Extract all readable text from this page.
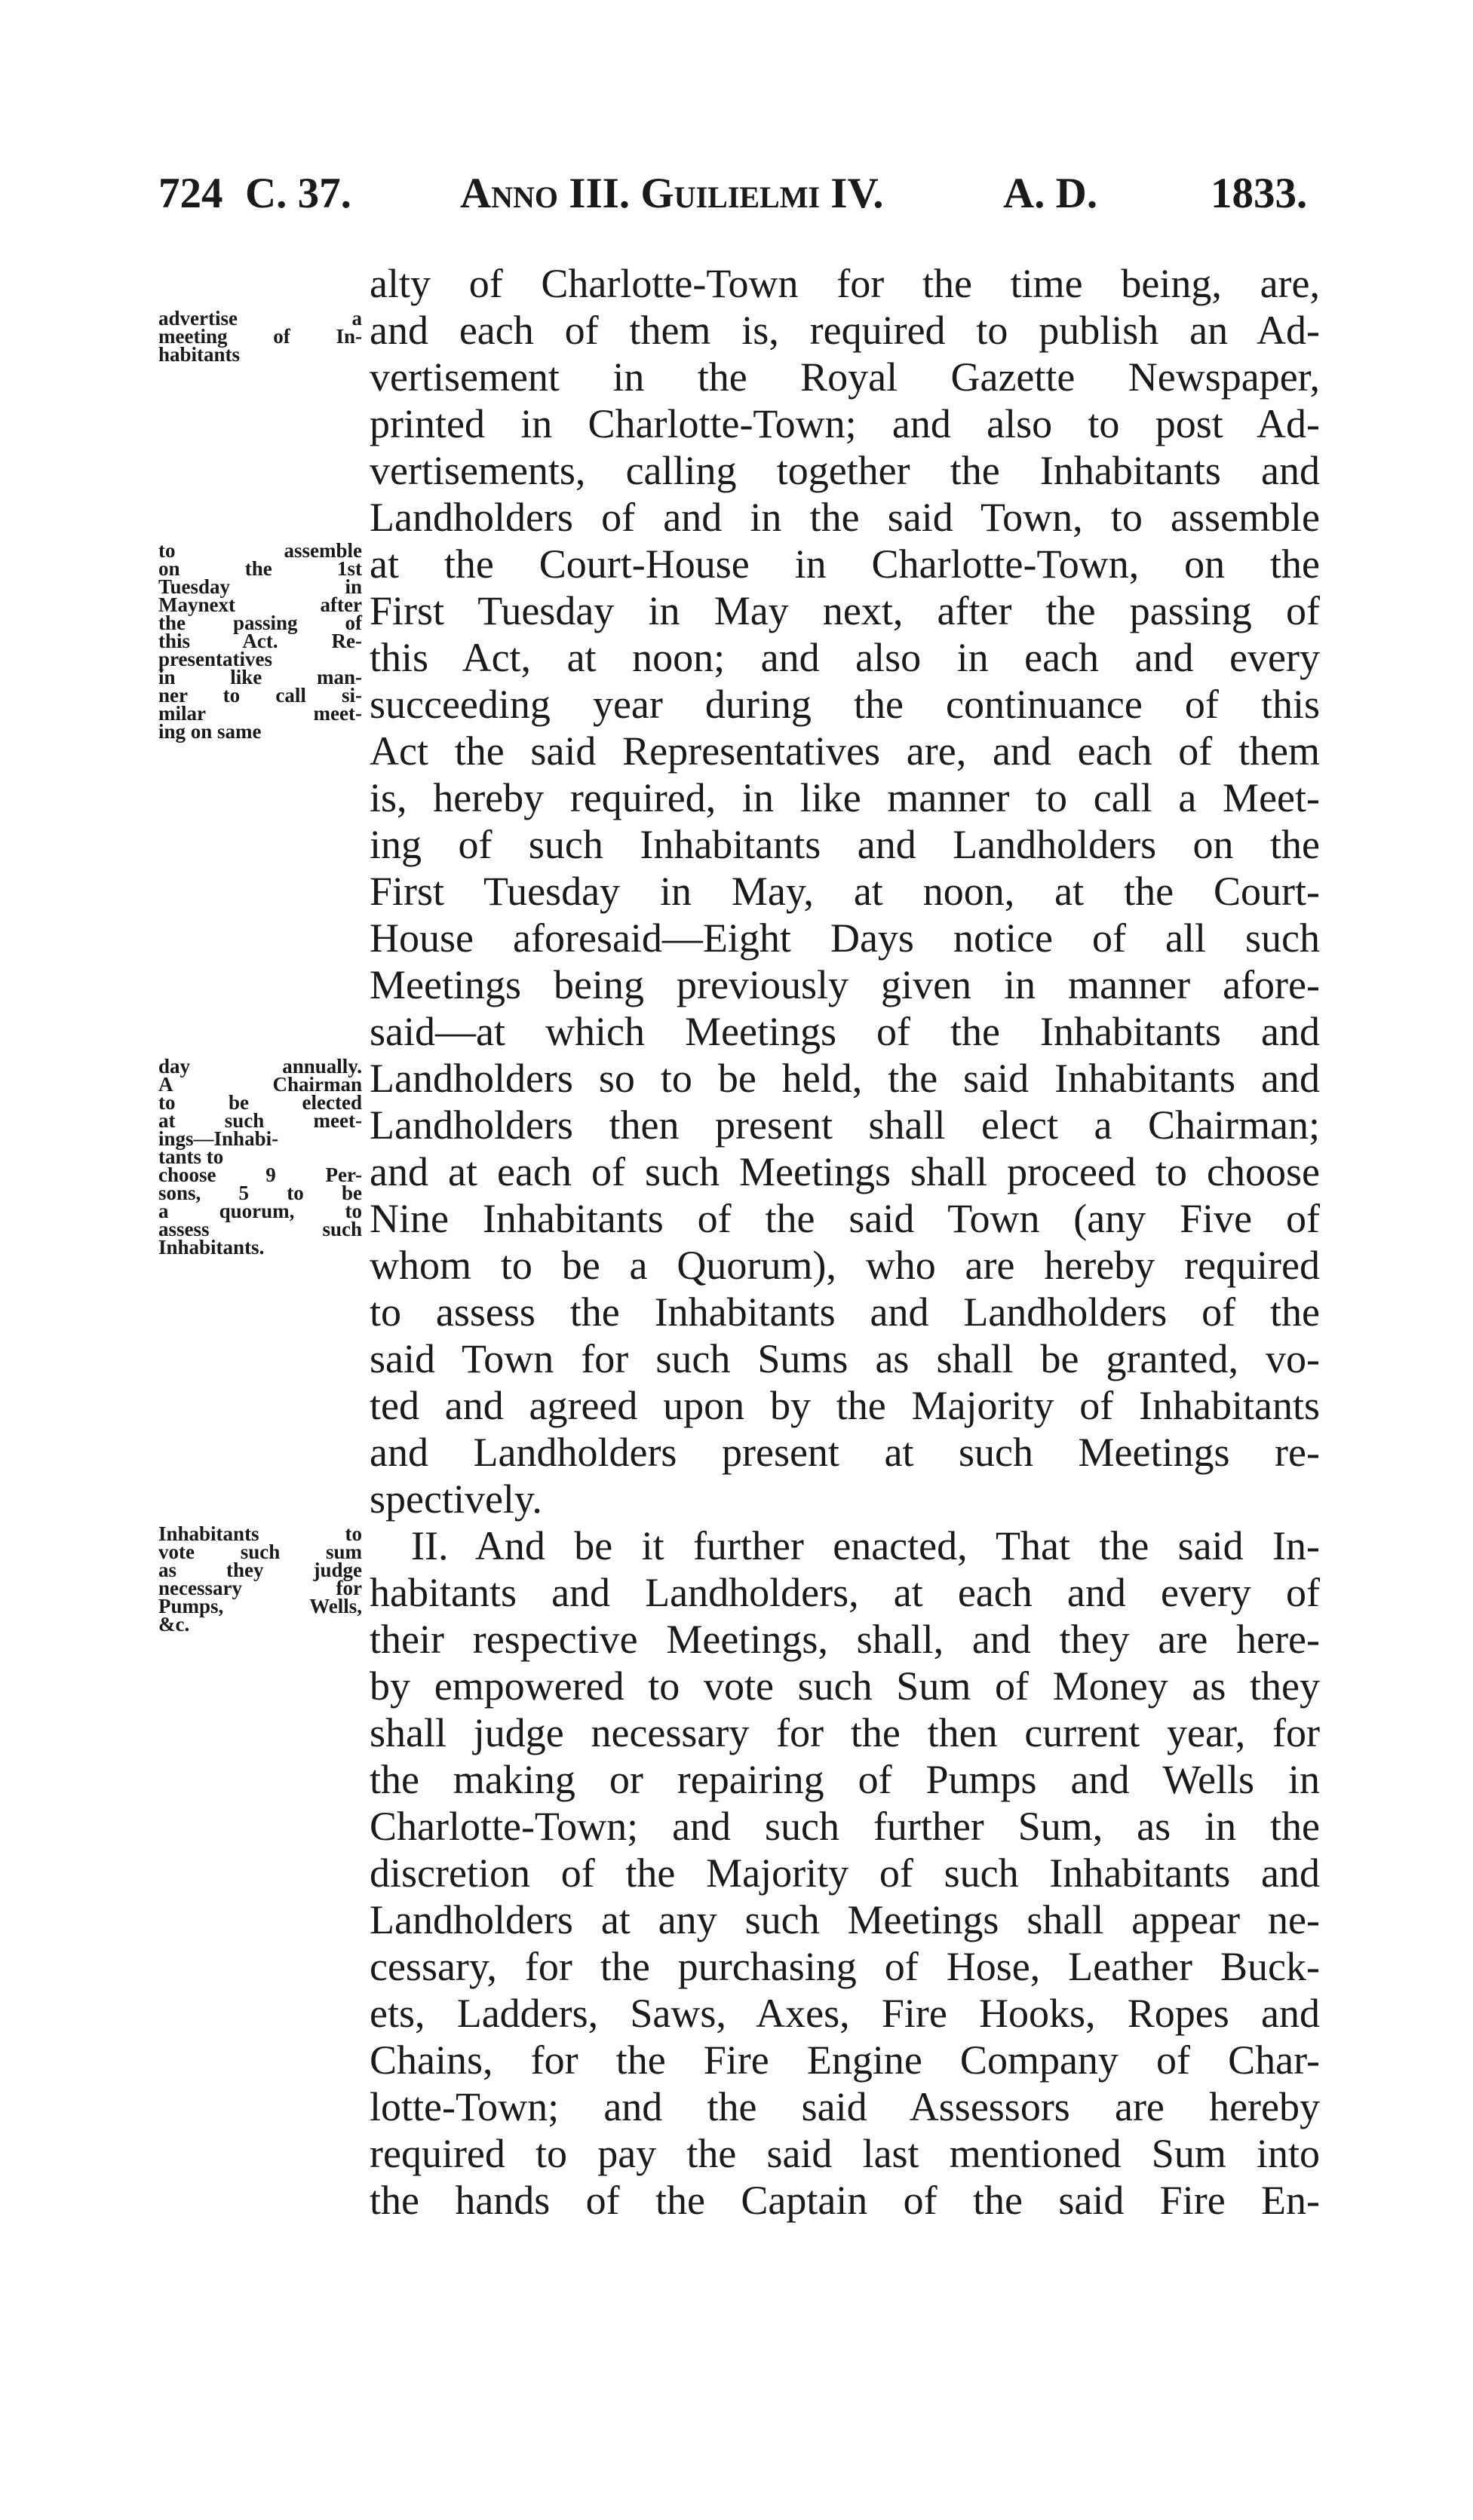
724 C. 37.	Anno III. Guilielmi IV.	A. D.	1833.
advertise a
meeting of In-
habitants
to assemble
on the 1st
Tuesday in
Maynext after
the passing of
this Act. Re-
presentatives
in like man-
ner to call si-
milar meet-
ing on same
day annually.
A Chairman
to be elected
at such meet-
ings—Inhabi-
tants to
choose 9 Per-
sons, 5 to be
a quorum, to
assess such
Inhabitants.
Inhabitants to
vote such sum
as they judge
necessary for
Pumps, Wells,
&c.
alty of Charlotte-Town for the time being, are,
and each of them is, required to publish an Ad-
vertisement in the Royal Gazette Newspaper,
printed in Charlotte-Town; and also to post Ad-
vertisements, calling together the Inhabitants and
Landholders of and in the said Town, to assemble
at the Court-House in Charlotte-Town, on the
First Tuesday in May next, after the passing of
this Act, at noon; and also in each and every
succeeding year during the continuance of this
Act the said Representatives are, and each of them
is, hereby required, in like manner to call a Meet-
ing of such Inhabitants and Landholders on the
First Tuesday in May, at noon, at the Court-
House aforesaid—Eight Days notice of all such
Meetings being previously given in manner afore-
said—at which Meetings of the Inhabitants and
Landholders so to be held, the said Inhabitants and
Landholders then present shall elect a Chairman;
and at each of such Meetings shall proceed to choose
Nine Inhabitants of the said Town (any Five of
whom to be a Quorum), who are hereby required
to assess the Inhabitants and Landholders of the
said Town for such Sums as shall be granted, vo-
ted and agreed upon by the Majority of Inhabitants
and Landholders present at such Meetings re-
spectively.
II. And be it further enacted, That the said In-
habitants and Landholders, at each and every of
their respective Meetings, shall, and they are here-
by empowered to vote such Sum of Money as they
shall judge necessary for the then current year, for
the making or repairing of Pumps and Wells in
Charlotte-Town; and such further Sum, as in the
discretion of the Majority of such Inhabitants and
Landholders at any such Meetings shall appear ne-
cessary, for the purchasing of Hose, Leather Buck-
ets, Ladders, Saws, Axes, Fire Hooks, Ropes and
Chains, for the Fire Engine Company of Char-
lotte-Town; and the said Assessors are hereby
required to pay the said last mentioned Sum into
the hands of the Captain of the said Fire En-
